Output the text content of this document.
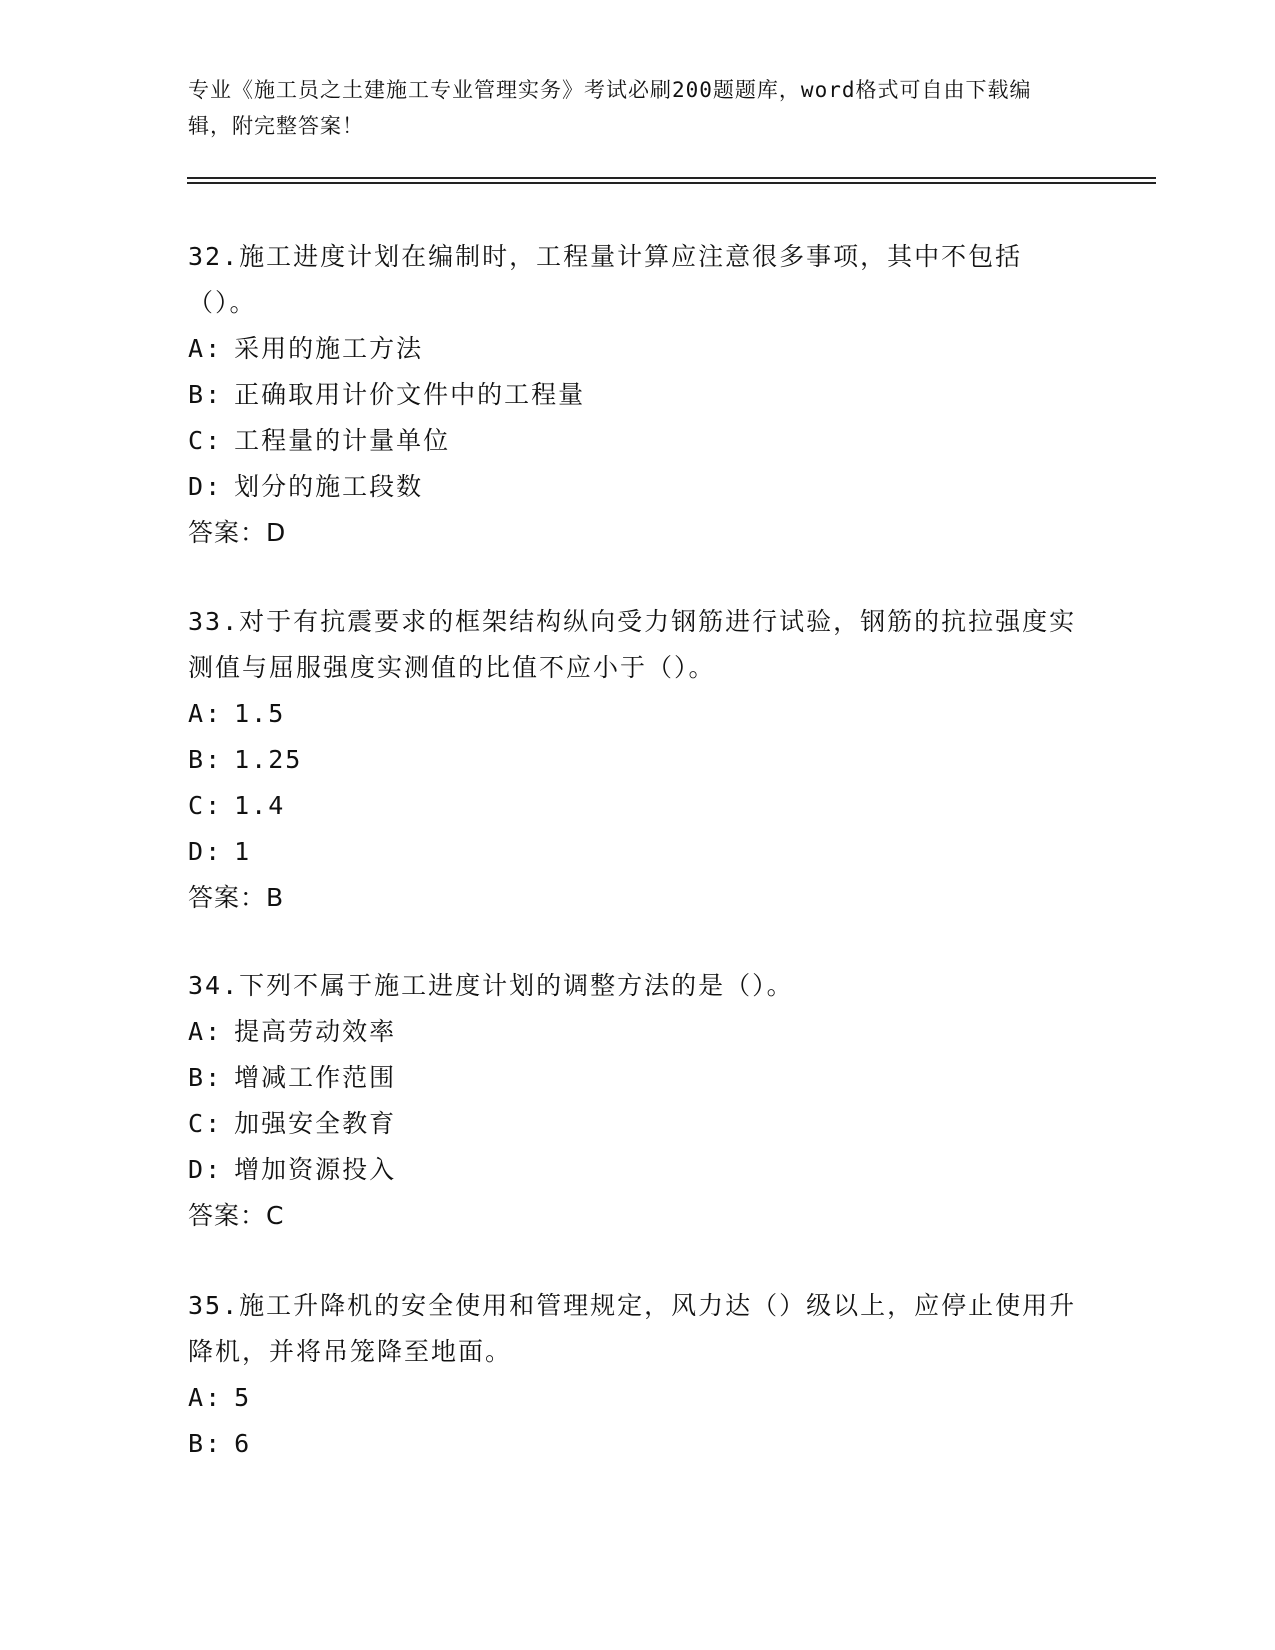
专业《施工员之土建施工专业管理实务》考试必刷200题题库，word格式可自由下载编辑，附完整答案！

32.施工进度计划在编制时，工程量计算应注意很多事项，其中不包括（）。

A: 采用的施工方法
B: 正确取用计价文件中的工程量
C: 工程量的计量单位
D: 划分的施工段数
答案：D

33.对于有抗震要求的框架结构纵向受力钢筋进行试验，钢筋的抗拉强度实测值与屈服强度实测值的比值不应小于（）。

A: 1.5
B: 1.25
C: 1.4
D: 1
答案：B

34.下列不属于施工进度计划的调整方法的是（）。

A: 提高劳动效率
B: 增减工作范围
C: 加强安全教育
D: 增加资源投入
答案：C

35.施工升降机的安全使用和管理规定，风力达（）级以上，应停止使用升降机，并将吊笼降至地面。

A: 5
B: 6
